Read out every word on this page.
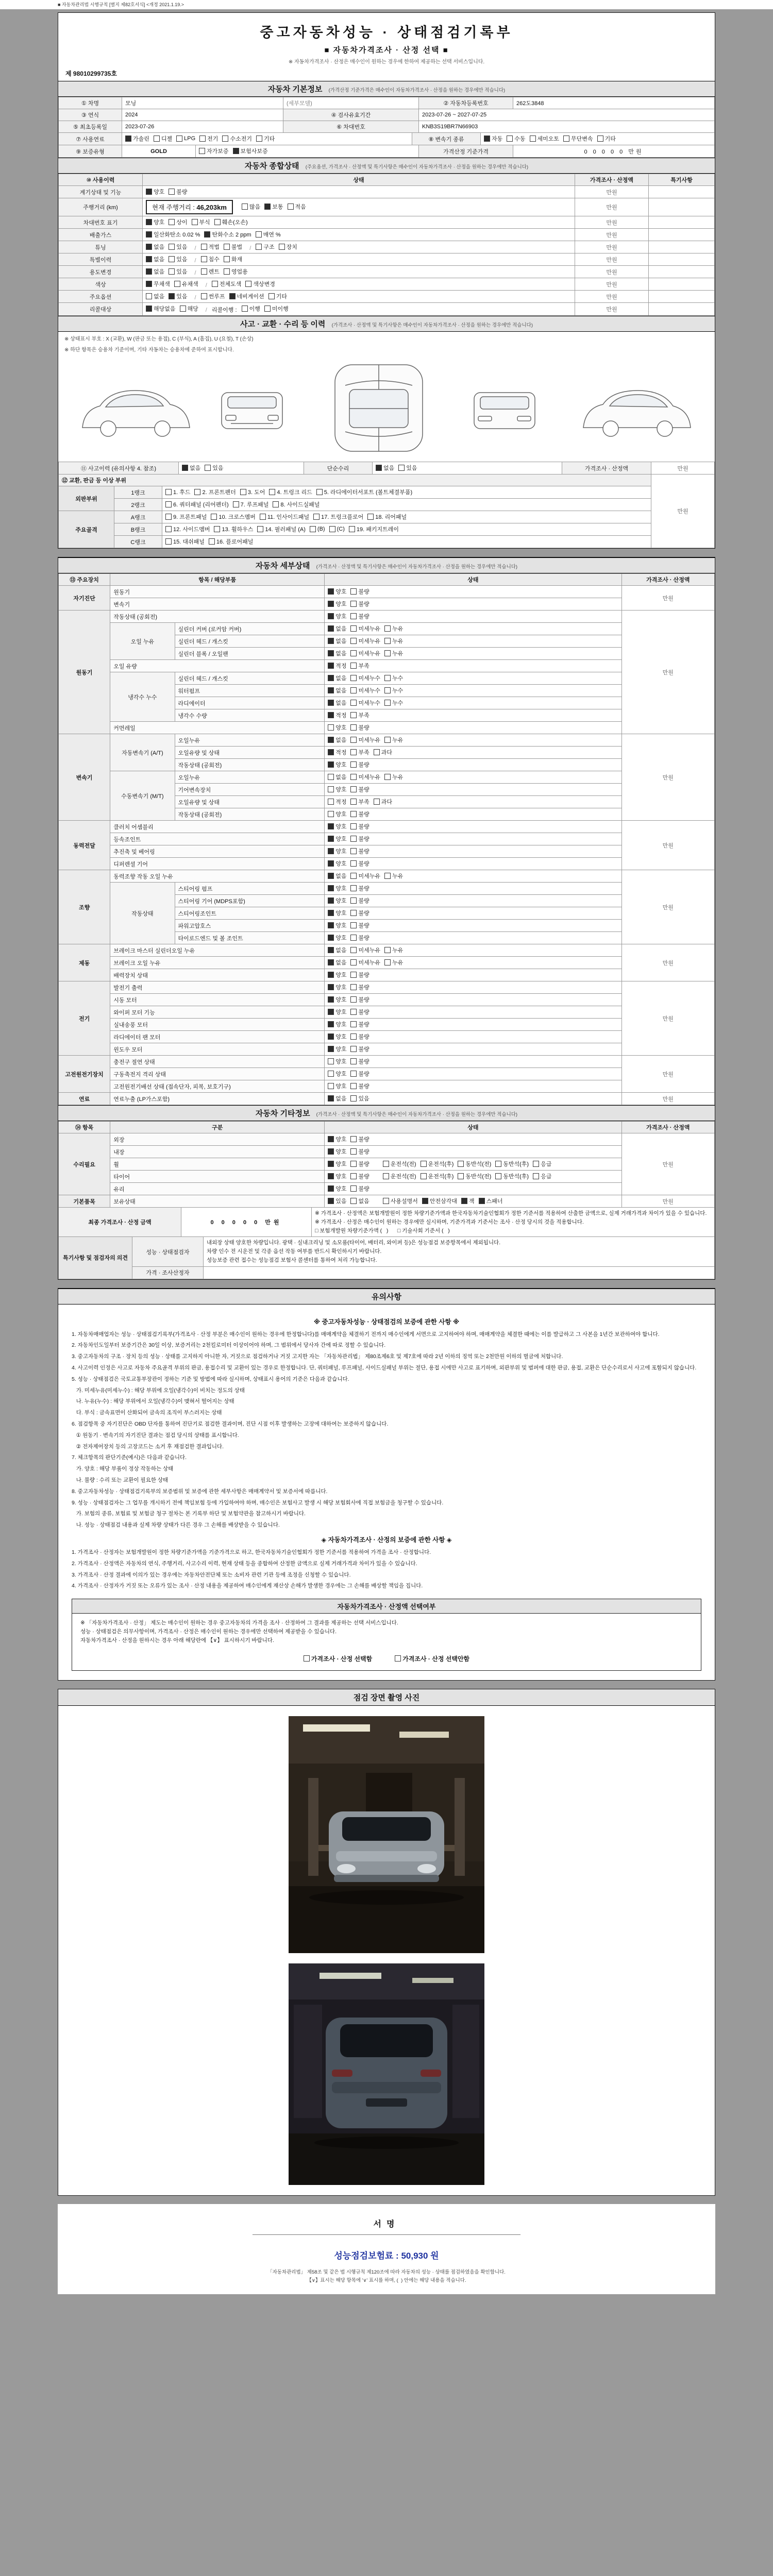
■ 자동차관리법 시행규칙 [별지 제82호서식] <개정 2021.1.19.>
중고자동차성능 · 상태점검기록부
■ 자동차가격조사 · 산정 선택 ■
※ 자동차가격조사 · 산정은 매수인이 원하는 경우에 한하여 제공하는 선택 서비스입니다.
제 98010299735호
자동차 기본정보 (가격산정 기준가격은 매수인이 자동차가격조사 · 산정을 원하는 경우에만 적습니다)
① 차명	모닝	(세부모델)	② 자동차등록번호	262도3848
③ 연식	2024	④ 검사유효기간	2023-07-26 ~ 2027-07-25
⑤ 최초등록일	2023-07-26	⑥ 차대번호	KNB3S19BR7N66903
⑦ 사용연료	가솔린 디젤 LPG 전기 수소전기 기타	⑧ 변속기 종류	자동 수동 세미오토 무단변속 기타
⑨ 보증유형	GOLD	자가보증 보험사보증	가격산정 기준가격	0 0 0 0 0 만원
자동차 종합상태 (주요옵션, 가격조사 · 산정액 및 특기사항은 매수인이 자동차가격조사 · 산정을 원하는 경우에만 적습니다)
⑩ 사용이력	상태	가격조사 · 산정액	특기사항
계기상태 및 기능	양호 불량	만원	
주행거리 (km)	현재 주행거리 : 46,203km 많음 보통 적음	만원	
차대번호 표기	양호 상이 부식 훼손(오손)	만원	
배출가스	일산화탄소 0.02 % 탄화수소 2 ppm 매연 %	만원	
튜닝	없음 있음 / 적법 불법 / 구조 장치	만원	
특별이력	없음 있음 / 침수 화재	만원	
용도변경	없음 있음 / 렌트 영업용	만원	
색상	무채색 유채색 / 전체도색 색상변경	만원	
주요옵션	없음 있음 / 썬루프 네비게이션 기타	만원	
리콜대상	해당없음 해당 / 리콜이행 : 이행 미이행	만원	
사고 · 교환 · 수리 등 이력 (가격조사 · 산정액 및 특기사항은 매수인이 자동차가격조사 · 산정을 원하는 경우에만 적습니다)
※ 상태표시 부호 : X (교환), W (판금 또는 용접), C (부식), A (흠집), U (요철), T (손상)
※ 하단 항목은 승용차 기준이며, 기타 자동차는 승용차에 준하여 표시합니다.
⑪ 사고이력 (유의사항 4. 참조)	없음 있음	단순수리	없음 있음	가격조사 · 산정액	만원
⑫ 교환, 판금 등 이상 부위			만원
외판부위	1랭크	1. 후드 2. 프론트펜더 3. 도어 4. 트렁크 리드 5. 라디에이터서포트 (볼트체결부품)	

	2랭크	6. 쿼터패널 (리어펜더) 7. 루프패널 8. 사이드실패널	

주요골격	A랭크	9. 프론트패널 10. 크로스멤버 11. 인사이드패널 17. 트렁크플로어 18. 리어패널	

B랭크	12. 사이드멤버 13. 휠하우스 14. 필러패널 (A) (B) (C) 19. 패키지트레이

	C랭크	15. 대쉬패널 16. 플로어패널	
자동차 세부상태 (가격조사 · 산정액 및 특기사항은 매수인이 자동차가격조사 · 산정을 원하는 경우에만 적습니다)
⑬ 주요장치	항목 / 해당부품		상태	가격조사 · 산정액
자기진단	원동기		양호 불량	만원
	변속기		양호 불량	

원동기	작동상태 (공회전)		양호 불량	만원
	오일 누유	실린더 커버 (로커암 커버)	없음 미세누유 누유	

		실린더 헤드 / 개스킷	없음 미세누유 누유	

		실린더 블록 / 오일팬	없음 미세누유 누유	

	오일 유량		적정 부족	

	냉각수 누수	실린더 헤드 / 개스킷	없음 미세누수 누수	

		워터펌프	없음 미세누수 누수	

		라디에이터	없음 미세누수 누수	

		냉각수 수량	적정 부족	

	커먼레일		양호 불량	

변속기	자동변속기 (A/T)	오일누유	없음 미세누유 누유	만원
		오일유량 및 상태	적정 부족 과다	

		작동상태 (공회전)	양호 불량	

	수동변속기 (M/T)	오일누유	없음 미세누유 누유	

		기어변속장치	양호 불량	

		오일유량 및 상태	적정 부족 과다	

		작동상태 (공회전)	양호 불량	

동력전달	클러치 어셈블리		양호 불량	만원
	등속조인트		양호 불량	

	추진축 및 베어링		양호 불량	

	디퍼렌셜 기어		양호 불량	

조향	동력조향 작동 오일 누유		없음 미세누유 누유	만원
	작동상태	스티어링 펌프	양호 불량	

		스티어링 기어 (MDPS포함)	양호 불량	

		스티어링조인트	양호 불량	

		파워고압호스	양호 불량	

		타이로드엔드 및 볼 조인트	양호 불량	

제동	브레이크 마스터 실린더오일 누유		없음 미세누유 누유	만원
	브레이크 오일 누유		없음 미세누유 누유	

	배력장치 상태		양호 불량	

전기	발전기 출력		양호 불량	만원
	시동 모터		양호 불량	

	와이퍼 모터 기능		양호 불량	

	실내송풍 모터		양호 불량	

	라디에이터 팬 모터		양호 불량	

	윈도우 모터		양호 불량	

고전원전기장치	충전구 절연 상태		양호 불량	만원
	구동축전지 격리 상태		양호 불량	

	고전원전기배선 상태 (접속단자, 피복, 보호기구)		양호 불량	

연료	연료누출 (LP가스포함)		없음 있음	만원
자동차 기타정보 (가격조사 · 산정액 및 특기사항은 매수인이 자동차가격조사 · 산정을 원하는 경우에만 적습니다)
⑭ 항목	구분	상태	가격조사 · 산정액
수리필요	외장	양호 불량	만원
	내장	양호 불량	

휠	양호 불량	운전석(전) 운전석(후) 동반석(전) 동반석(후) 응급

타이어	양호 불량	운전석(전) 운전석(후) 동반석(전) 동반석(후) 응급

	유리	양호 불량	

기본품목	보유상태	있음 없음	사용설명서 안전삼각대 잭 스패너	만원
최종 가격조사 · 산정 금액	0 0 0 0 0 만원	
※ 가격조사 · 산정액은 보험개발원이 정한 차량기준가액과 한국자동차기술인협회가 정한 기준서를 적용하여 산출한 금액으로, 실제 거래가격과 차이가 있을 수 있습니다.
※ 가격조사 · 산정은 매수인이 원하는 경우에만 실시하며, 기준가격과 기준서는 조사 · 산정 당시의 것을 적용합니다.
□ 보험개발원 차량기준가액 (   )      □ 기술사회 기준서 (   )
특기사항 및 점검자의 의견	성능 · 상태점검자	내외장 상태 양호한 차량입니다. 광택 · 실내크리닝 및 소모품(타이어, 배터리, 와이퍼 등)은 성능점검 보증항목에서 제외됩니다.
차량 인수 전 시운전 및 각종 옵션 작동 여부를 반드시 확인하시기 바랍니다.
성능보증 관련 접수는 성능점검 보험사 콜센터를 통하여 처리 가능합니다.

	가격 · 조사산정자	

유의사항
※ 중고자동차성능 · 상태점검의 보증에 관한 사항 ※
1. 자동차매매업자는 성능 · 상태점검기록부(가격조사 · 산정 부분은 매수인이 원하는 경우에 한정합니다)를 매매계약을 체결하기 전까지 매수인에게 서면으로 고지하여야 하며, 매매계약을 체결한 때에는 이를 발급하고 그 사본을 1년간 보관하여야 합니다.
2. 자동차인도일부터 보증기간은 30일 이상, 보증거리는 2천킬로미터 이상이어야 하며, 그 범위에서 당사자 간에 따로 정할 수 있습니다.
3. 중고자동차의 구조 · 장치 등의 성능 · 상태를 고지하지 아니한 자, 거짓으로 점검하거나 거짓 고지한 자는 「자동차관리법」 제80조제6호 및 제7호에 따라 2년 이하의 징역 또는 2천만원 이하의 벌금에 처합니다.
4. 사고이력 인정은 사고로 자동차 주요골격 부위의 판금, 용접수리 및 교환이 있는 경우로 한정합니다. 단, 쿼터패널, 루프패널, 사이드실패널 부위는 절단, 용접 시에만 사고로 표기하며, 외판부위 및 범퍼에 대한 판금, 용접, 교환은 단순수리로서 사고에 포함되지 않습니다.
5. 성능 · 상태점검은 국토교통부장관이 정하는 기준 및 방법에 따라 실시하며, 상태표시 용어의 기준은 다음과 같습니다.
가. 미세누유(미세누수) : 해당 부위에 오일(냉각수)이 비치는 정도의 상태
나. 누유(누수) : 해당 부위에서 오일(냉각수)이 맺혀서 떨어지는 상태
다. 부식 : 금속표면이 산화되어 금속의 조직이 부스러지는 상태
6. 점검항목 중 자기진단은 OBD 단자를 통하여 진단기로 점검한 결과이며, 진단 시점 이후 발생하는 고장에 대하여는 보증하지 않습니다.
① 원동기 · 변속기의 자기진단 결과는 점검 당시의 상태를 표시합니다.
② 전자제어장치 등의 고장코드는 소거 후 재점검한 결과입니다.
7. 체크항목의 판단기준(예시)은 다음과 같습니다.
가. 양호 : 해당 부품이 정상 작동하는 상태
나. 불량 : 수리 또는 교환이 필요한 상태
8. 중고자동차성능 · 상태점검기록부의 보증범위 및 보증에 관한 세부사항은 매매계약서 및 보증서에 따릅니다.
9. 성능 · 상태점검자는 그 업무를 개시하기 전에 책임보험 등에 가입하여야 하며, 매수인은 보험사고 발생 시 해당 보험회사에 직접 보험금을 청구할 수 있습니다.
가. 보험의 종류, 보험료 및 보험금 청구 절차는 본 기록부 하단 및 보험약관을 참고하시기 바랍니다.
나. 성능 · 상태점검 내용과 실제 차량 상태가 다른 경우 그 손해를 배상받을 수 있습니다.
◈ 자동차가격조사 · 산정의 보증에 관한 사항 ◈
1. 가격조사 · 산정자는 보험개발원이 정한 차량기준가액을 기준가격으로 하고, 한국자동차기술인협회가 정한 기준서를 적용하여 가격을 조사 · 산정합니다.
2. 가격조사 · 산정액은 자동차의 연식, 주행거리, 사고수리 이력, 현재 상태 등을 종합하여 산정한 금액으로 실제 거래가격과 차이가 있을 수 있습니다.
3. 가격조사 · 산정 결과에 이의가 있는 경우에는 자동차안전단체 또는 소비자 관련 기관 등에 조정을 신청할 수 있습니다.
4. 가격조사 · 산정자가 거짓 또는 오류가 있는 조사 · 산정 내용을 제공하여 매수인에게 재산상 손해가 발생한 경우에는 그 손해를 배상할 책임을 집니다.
자동차가격조사 · 산정액 선택여부
※ 「자동차가격조사 · 산정」 제도는 매수인이 원하는 경우 중고자동차의 가격을 조사 · 산정하여 그 결과를 제공하는 선택 서비스입니다.
성능 · 상태점검은 의무사항이며, 가격조사 · 산정은 매수인이 원하는 경우에만 선택하여 제공받을 수 있습니다.
자동차가격조사 · 산정을 원하시는 경우 아래 해당란에 【∨】 표시하시기 바랍니다.
가격조사 · 산정 선택함	가격조사 · 산정 선택안함
점검 장면 촬영 사진
서명
성능점검보험료 : 50,930 원
「자동차관리법」 제58조 및 같은 법 시행규칙 제120조에 따라 자동차의 성능 · 상태를 점검하였음을 확인합니다.
【∨】표시는 해당 항목에 '∨' 표시를 하며, (  ) 안에는 해당 내용을 적습니다.
